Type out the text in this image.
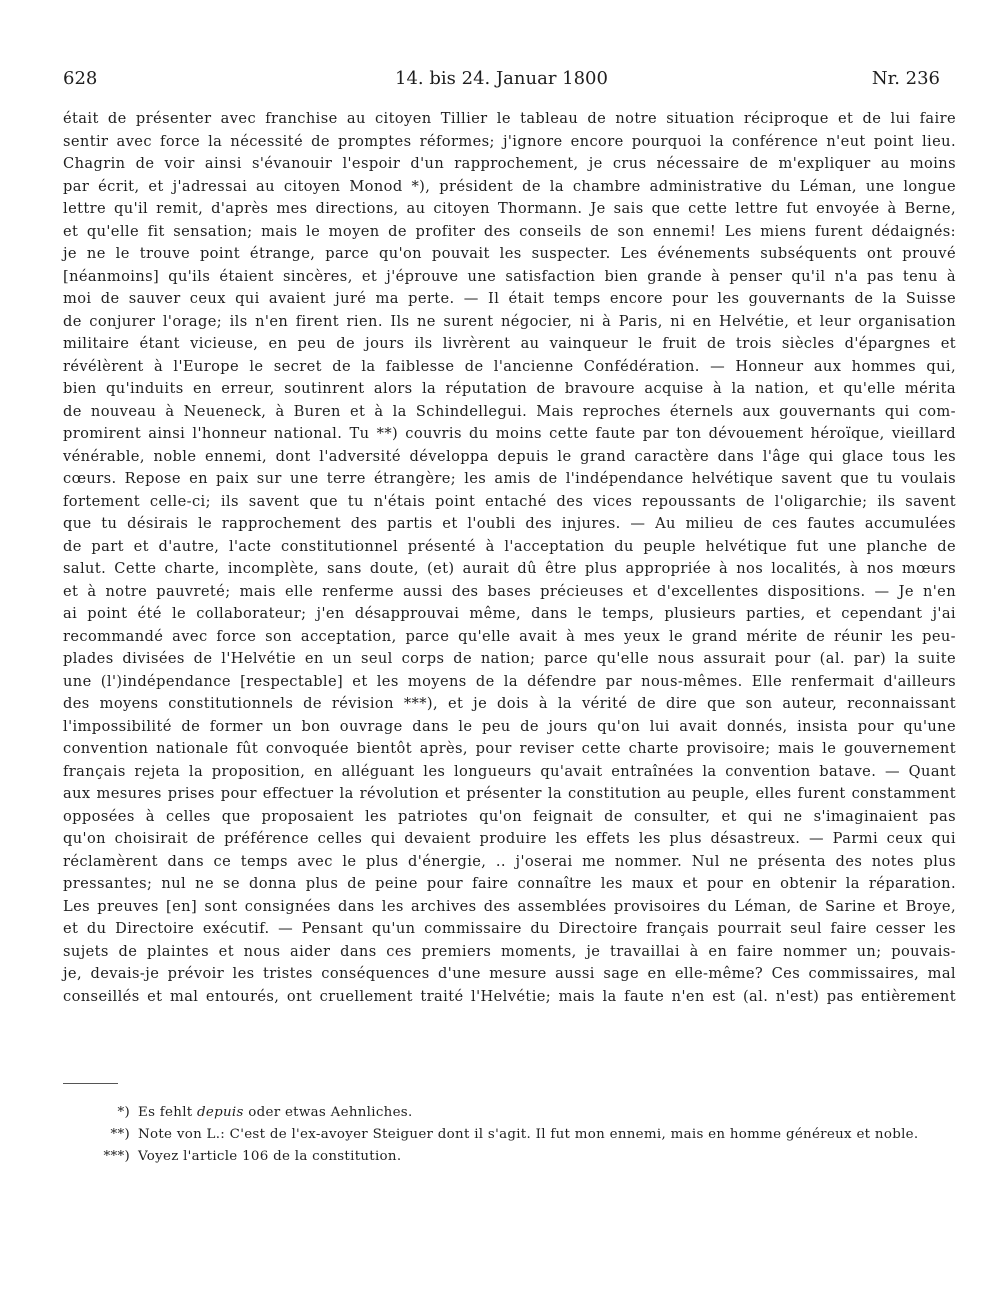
628	14. bis 24. Januar 1800	Nr. 236
était de présenter avec franchise au citoyen Tillier le tableau de notre situation réciproque et de lui faire
sentir avec force la nécessité de promptes réformes; j'ignore encore pourquoi la conférence n'eut point lieu.
Chagrin de voir ainsi s'évanouir l'espoir d'un rapprochement, je crus nécessaire de m'expliquer au moins
par écrit, et j'adressai au citoyen Monod *), président de la chambre administrative du Léman, une longue
lettre qu'il remit, d'après mes directions, au citoyen Thormann. Je sais que cette lettre fut envoyée à Berne,
et qu'elle fit sensation; mais le moyen de profiter des conseils de son ennemi! Les miens furent dédaignés:
je ne le trouve point étrange, parce qu'on pouvait les suspecter. Les événements subséquents ont prouvé
[néanmoins] qu'ils étaient sincères, et j'éprouve une satisfaction bien grande à penser qu'il n'a pas tenu à
moi de sauver ceux qui avaient juré ma perte. — Il était temps encore pour les gouvernants de la Suisse
de conjurer l'orage; ils n'en firent rien. Ils ne surent négocier, ni à Paris, ni en Helvétie, et leur organisation
militaire étant vicieuse, en peu de jours ils livrèrent au vainqueur le fruit de trois siècles d'épargnes et
révélèrent à l'Europe le secret de la faiblesse de l'ancienne Confédération. — Honneur aux hommes qui,
bien qu'induits en erreur, soutinrent alors la réputation de bravoure acquise à la nation, et qu'elle mérita
de nouveau à Neueneck, à Buren et à la Schindellegui. Mais reproches éternels aux gouvernants qui com-
promirent ainsi l'honneur national. Tu **) couvris du moins cette faute par ton dévouement héroïque, vieillard
vénérable, noble ennemi, dont l'adversité développa depuis le grand caractère dans l'âge qui glace tous les
cœurs. Repose en paix sur une terre étrangère; les amis de l'indépendance helvétique savent que tu voulais
fortement celle-ci; ils savent que tu n'étais point entaché des vices repoussants de l'oligarchie; ils savent
que tu désirais le rapprochement des partis et l'oubli des injures. — Au milieu de ces fautes accumulées
de part et d'autre, l'acte constitutionnel présenté à l'acceptation du peuple helvétique fut une planche de
salut. Cette charte, incomplète, sans doute, (et) aurait dû être plus appropriée à nos localités, à nos mœurs
et à notre pauvreté; mais elle renferme aussi des bases précieuses et d'excellentes dispositions. — Je n'en
ai point été le collaborateur; j'en désapprouvai même, dans le temps, plusieurs parties, et cependant j'ai
recommandé avec force son acceptation, parce qu'elle avait à mes yeux le grand mérite de réunir les peu-
plades divisées de l'Helvétie en un seul corps de nation; parce qu'elle nous assurait pour (al. par) la suite
une (l')indépendance [respectable] et les moyens de la défendre par nous-mêmes. Elle renfermait d'ailleurs
des moyens constitutionnels de révision ***), et je dois à la vérité de dire que son auteur, reconnaissant
l'impossibilité de former un bon ouvrage dans le peu de jours qu'on lui avait donnés, insista pour qu'une
convention nationale fût convoquée bientôt après, pour reviser cette charte provisoire; mais le gouvernement
français rejeta la proposition, en alléguant les longueurs qu'avait entraînées la convention batave. — Quant
aux mesures prises pour effectuer la révolution et présenter la constitution au peuple, elles furent constamment
opposées à celles que proposaient les patriotes qu'on feignait de consulter, et qui ne s'imaginaient pas
qu'on choisirait de préférence celles qui devaient produire les effets les plus désastreux. — Parmi ceux qui
réclamèrent dans ce temps avec le plus d'énergie, .. j'oserai me nommer. Nul ne présenta des notes plus
pressantes; nul ne se donna plus de peine pour faire connaître les maux et pour en obtenir la réparation.
Les preuves [en] sont consignées dans les archives des assemblées provisoires du Léman, de Sarine et Broye,
et du Directoire exécutif. — Pensant qu'un commissaire du Directoire français pourrait seul faire cesser les
sujets de plaintes et nous aider dans ces premiers moments, je travaillai à en faire nommer un; pouvais-
je, devais-je prévoir les tristes conséquences d'une mesure aussi sage en elle-même? Ces commissaires, mal
conseillés et mal entourés, ont cruellement traité l'Helvétie; mais la faute n'en est (al. n'est) pas entièrement
*) Es fehlt depuis oder etwas Aehnliches.
**) Note von L.: C'est de l'ex-avoyer Steiguer dont il s'agit. Il fut mon ennemi, mais en homme généreux et noble.
***) Voyez l'article 106 de la constitution.
